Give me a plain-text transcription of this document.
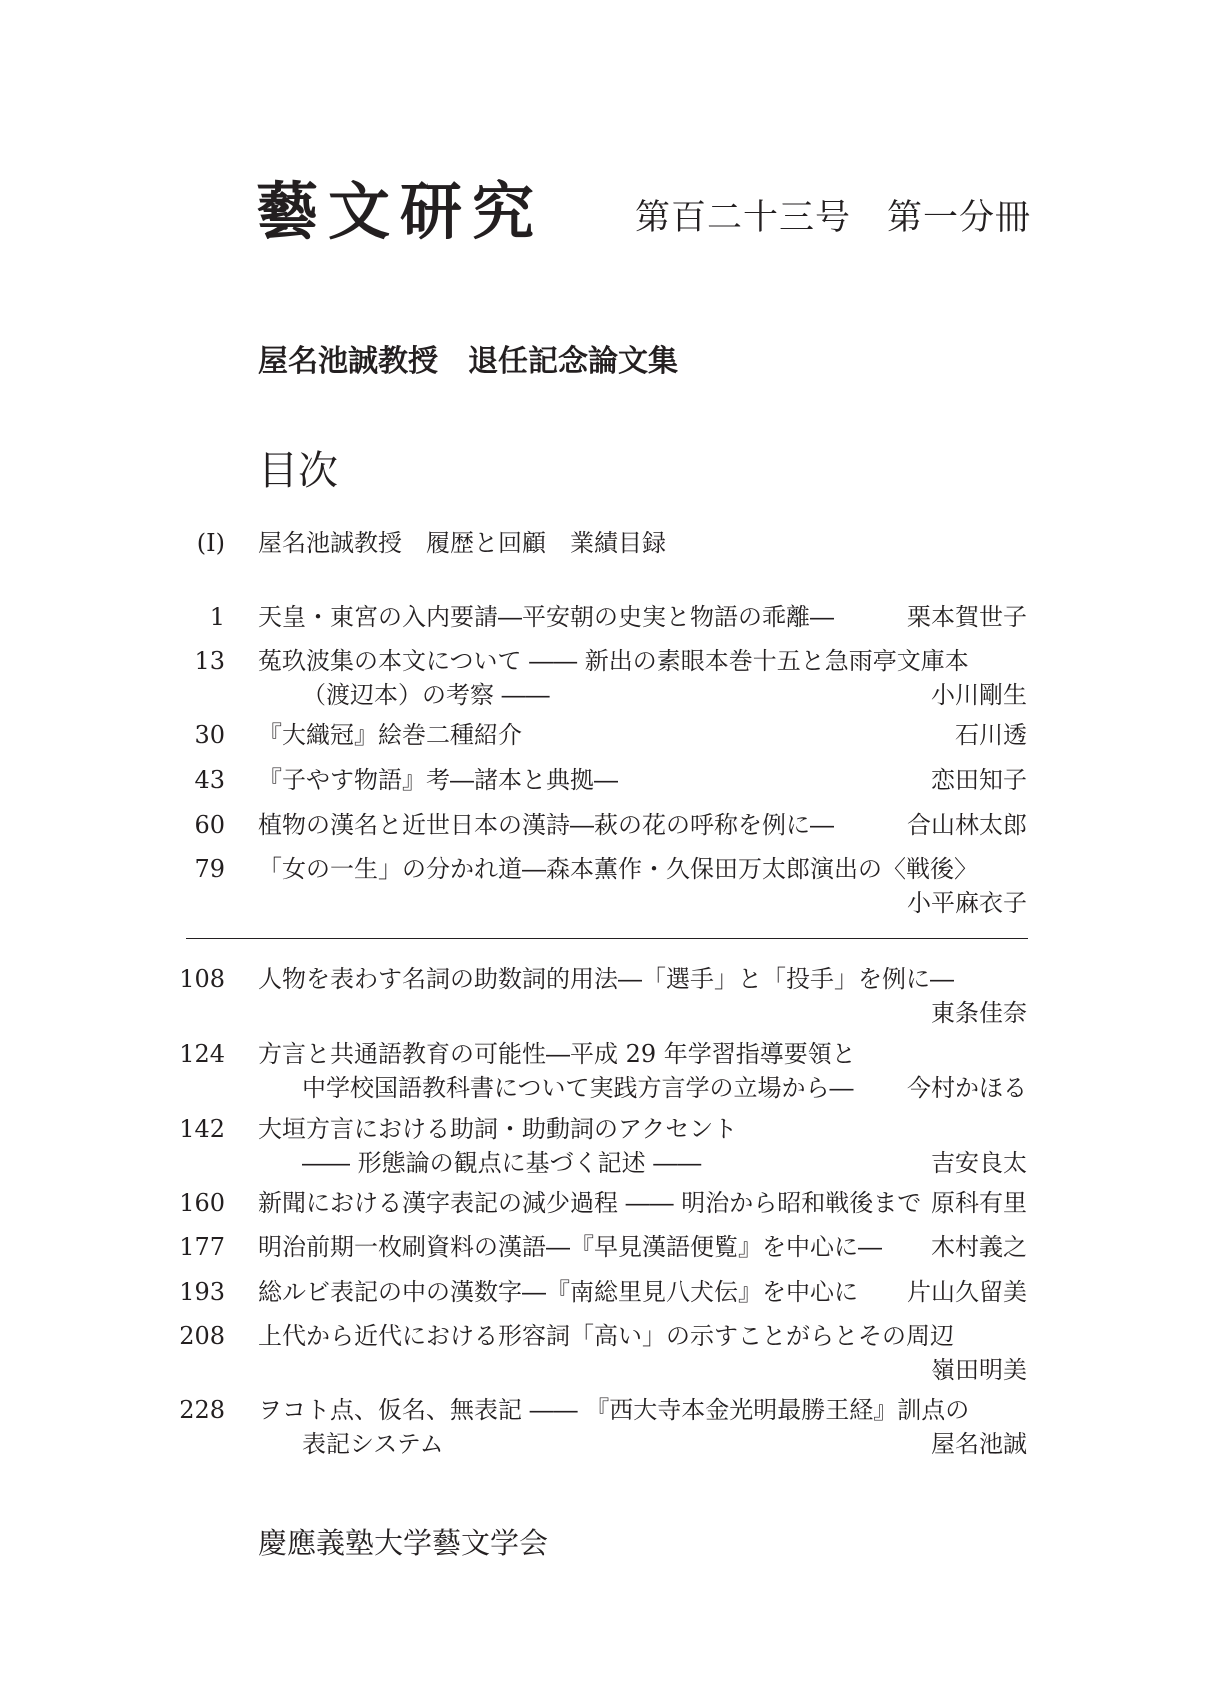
藝文研究	第百二十三号　第一分冊
屋名池誠教授　退任記念論文集
目次
(I) 屋名池誠教授　履歴と回顧　業績目録
1 天皇・東宮の入内要請―平安朝の史実と物語の乖離―	栗本賀世子
13 菟玖波集の本文について ―― 新出の素眼本巻十五と急雨亭文庫本
（渡辺本）の考察 ――	小川剛生
30 『大織冠』絵巻二種紹介	石川透
43 『子やす物語』考―諸本と典拠―	恋田知子
60 植物の漢名と近世日本の漢詩―萩の花の呼称を例に―	合山林太郎
79 「女の一生」の分かれ道―森本薫作・久保田万太郎演出の〈戦後〉
小平麻衣子
108 人物を表わす名詞の助数詞的用法―「選手」と「投手」を例に―
東条佳奈
124 方言と共通語教育の可能性―平成 29 年学習指導要領と
中学校国語教科書について実践方言学の立場から― 今村かほる
142 大垣方言における助詞・助動詞のアクセント
―― 形態論の観点に基づく記述 ――	吉安良太
160 新聞における漢字表記の減少過程 ―― 明治から昭和戦後まで 原科有里
177 明治前期一枚刷資料の漢語―『早見漢語便覧』を中心に― 木村義之
193 総ルビ表記の中の漢数字―『南総里見八犬伝』を中心に 片山久留美
208 上代から近代における形容詞「高い」の示すことがらとその周辺
嶺田明美
228 ヲコト点、仮名、無表記 ―― 『西大寺本金光明最勝王経』訓点の
表記システム	屋名池誠
慶應義塾大学藝文学会
